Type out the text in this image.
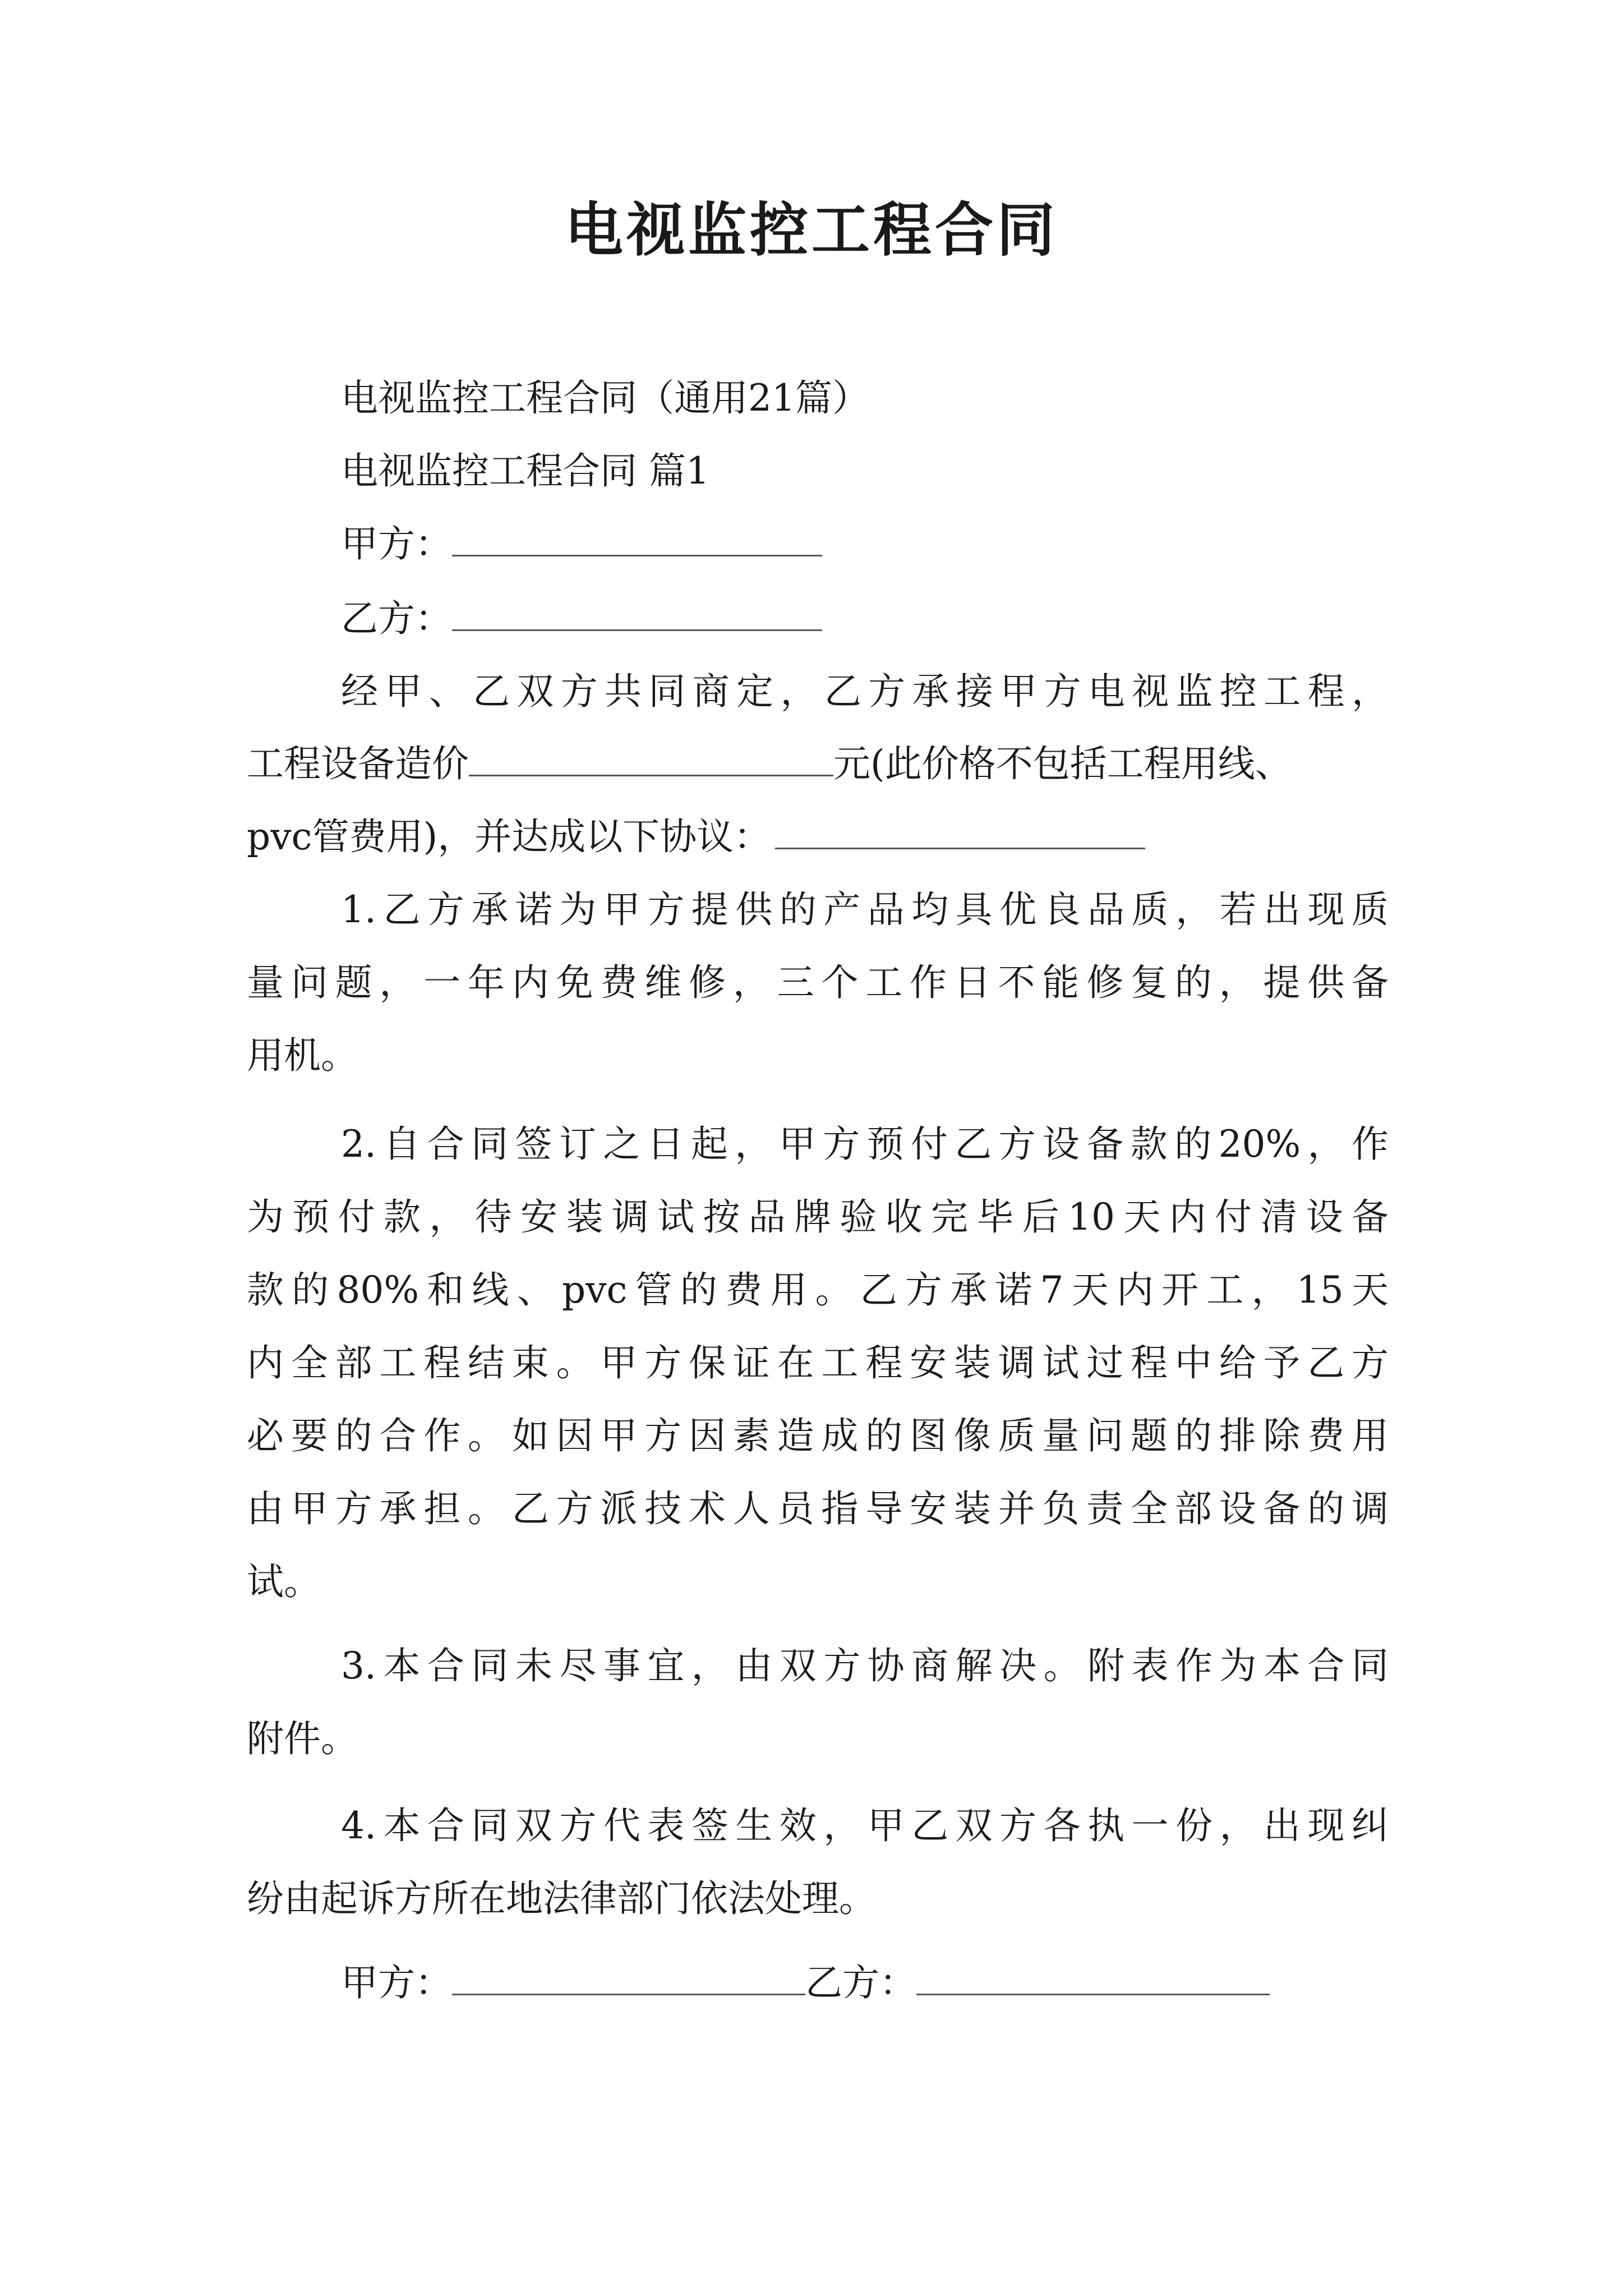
电视监控工程合同
电视监控工程合同（通用21篇）
电视监控工程合同 篇1
甲方：
乙方：
经甲、乙双方共同商定，乙方承接甲方电视监控工程，
工程设备造价	元(此价格不包括工程用线、
pvc管费用)，并达成以下协议：
1.乙方承诺为甲方提供的产品均具优良品质，若出现质
量问题，一年内免费维修，三个工作日不能修复的，提供备
用机。
2.自合同签订之日起，甲方预付乙方设备款的20%，作
为预付款，待安装调试按品牌验收完毕后10天内付清设备
款的80%和线、pvc管的费用。乙方承诺7天内开工，15天
内全部工程结束。甲方保证在工程安装调试过程中给予乙方
必要的合作。如因甲方因素造成的图像质量问题的排除费用
由甲方承担。乙方派技术人员指导安装并负责全部设备的调
试。
3.本合同未尽事宜，由双方协商解决。附表作为本合同
附件。
4.本合同双方代表签生效，甲乙双方各执一份，出现纠
纷由起诉方所在地法律部门依法处理。
甲方：	乙方：
